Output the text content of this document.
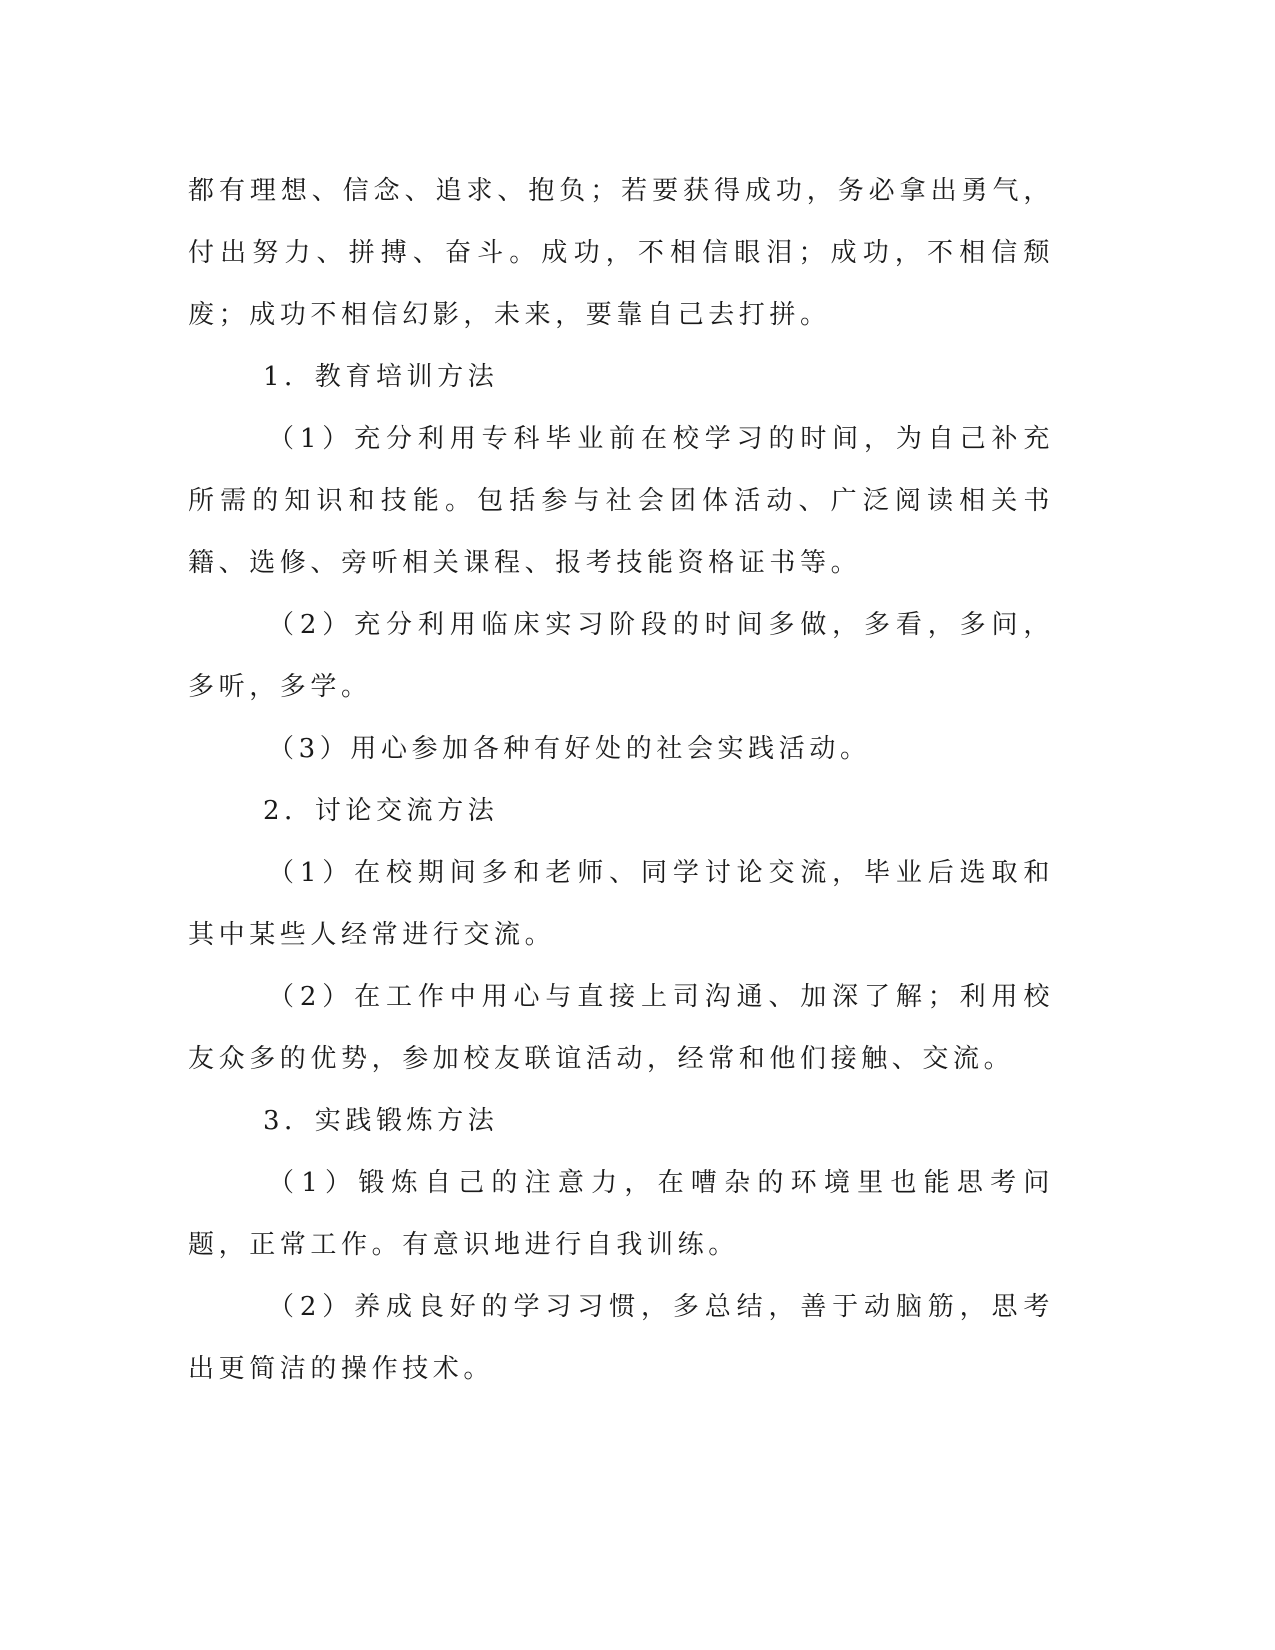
都有理想、信念、追求、抱负；若要获得成功，务必拿出勇气，付出努力、拼搏、奋斗。成功，不相信眼泪；成功，不相信颓废；成功不相信幻影，未来，要靠自己去打拼。

1．教育培训方法

（1）充分利用专科毕业前在校学习的时间，为自己补充所需的知识和技能。包括参与社会团体活动、广泛阅读相关书籍、选修、旁听相关课程、报考技能资格证书等。

（2）充分利用临床实习阶段的时间多做，多看，多问，多听，多学。

（3）用心参加各种有好处的社会实践活动。

2．讨论交流方法

（1）在校期间多和老师、同学讨论交流，毕业后选取和其中某些人经常进行交流。

（2）在工作中用心与直接上司沟通、加深了解；利用校友众多的优势，参加校友联谊活动，经常和他们接触、交流。

3．实践锻炼方法

（1）锻炼自己的注意力，在嘈杂的环境里也能思考问题，正常工作。有意识地进行自我训练。

（2）养成良好的学习习惯，多总结，善于动脑筋，思考出更简洁的操作技术。
